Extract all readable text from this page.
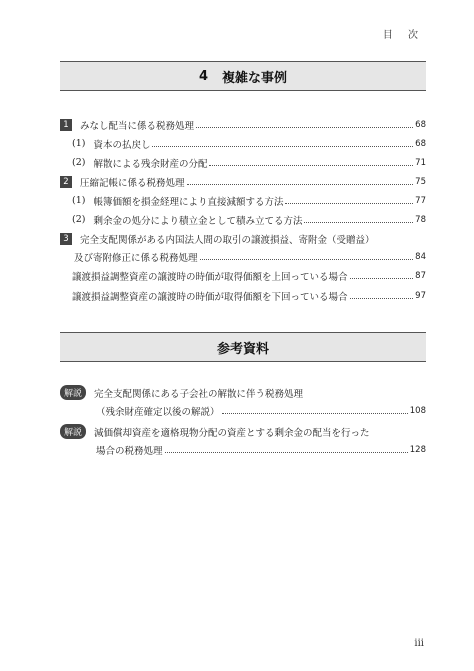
目 次
4 複雑な事例
1	みなし配当に係る税務処理	68
(1) 資本の払戻し	68
(2) 解散による残余財産の分配	71
2	圧縮記帳に係る税務処理	75
(1) 帳簿価額を損金経理により直接減額する方法	77
(2) 剰余金の処分により積立金として積み立てる方法	78
3	完全支配関係がある内国法人間の取引の譲渡損益、寄附金（受贈益）
及び寄附修正に係る税務処理	84
譲渡損益調整資産の譲渡時の時価が取得価額を上回っている場合	87
譲渡損益調整資産の譲渡時の時価が取得価額を下回っている場合	97
参考資料
解説	完全支配関係にある子会社の解散に伴う税務処理
（残余財産確定以後の解説）	108
解説	減価償却資産を適格現物分配の資産とする剰余金の配当を行った
場合の税務処理	128
iii
